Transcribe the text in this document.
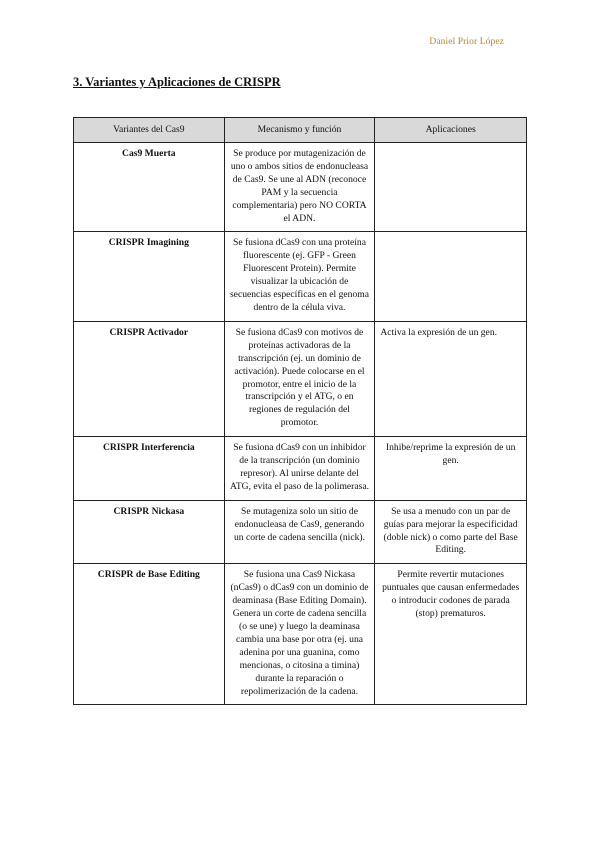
Daniel Prior López
3. Variantes y Aplicaciones de CRISPR
Variantes del Cas9	Mecanismo y función	Aplicaciones
Cas9 Muerta	Se produce por mutagenización de uno o ambos sitios de endonucleasa de Cas9. Se une al ADN (reconoce PAM y la secuencia complementaria) pero NO CORTA el ADN.	
CRISPR Imagining	Se fusiona dCas9 con una proteína fluorescente (ej. GFP - Green Fluorescent Protein). Permite visualizar la ubicación de secuencias específicas en el genoma dentro de la célula viva.	
CRISPR Activador	Se fusiona dCas9 con motivos de proteínas activadoras de la transcripción (ej. un dominio de activación). Puede colocarse en el promotor, entre el inicio de la transcripción y el ATG, o en regiones de regulación del promotor.	Activa la expresión de un gen.
CRISPR Interferencia	Se fusiona dCas9 con un inhibidor de la transcripción (un dominio represor). Al unirse delante del ATG, evita el paso de la polimerasa.	Inhibe/reprime la expresión de un gen.
CRISPR Nickasa	Se mutageniza solo un sitio de endonucleasa de Cas9, generando un corte de cadena sencilla (nick).	Se usa a menudo con un par de guías para mejorar la especificidad (doble nick) o como parte del Base Editing.
CRISPR de Base Editing	Se fusiona una Cas9 Nickasa (nCas9) o dCas9 con un dominio de deaminasa (Base Editing Domain). Genera un corte de cadena sencilla (o se une) y luego la deaminasa cambia una base por otra (ej. una adenina por una guanina, como mencionas, o citosina a timina) durante la reparación o repolimerización de la cadena.	Permite revertir mutaciones puntuales que causan enfermedades o introducir codones de parada (stop) prematuros.
